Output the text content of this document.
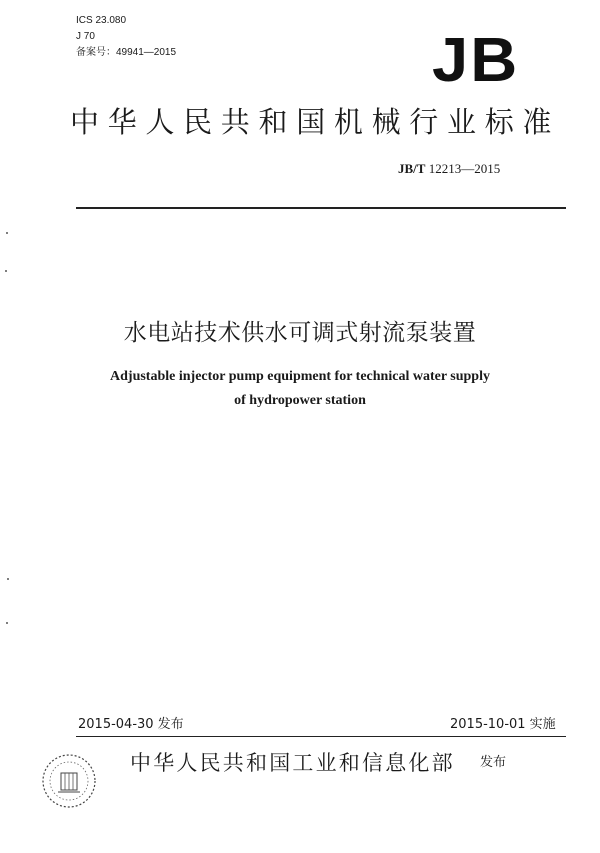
ICS 23.080
J 70
备案号：49941—2015	JB
中华人民共和国机械行业标准
JB/T 12213—2015
水电站技术供水可调式射流泵装置
Adjustable injector pump equipment for technical water supply
of hydropower station
2015-04-30 发布	2015-10-01 实施
中华人民共和国工业和信息化部 发布
